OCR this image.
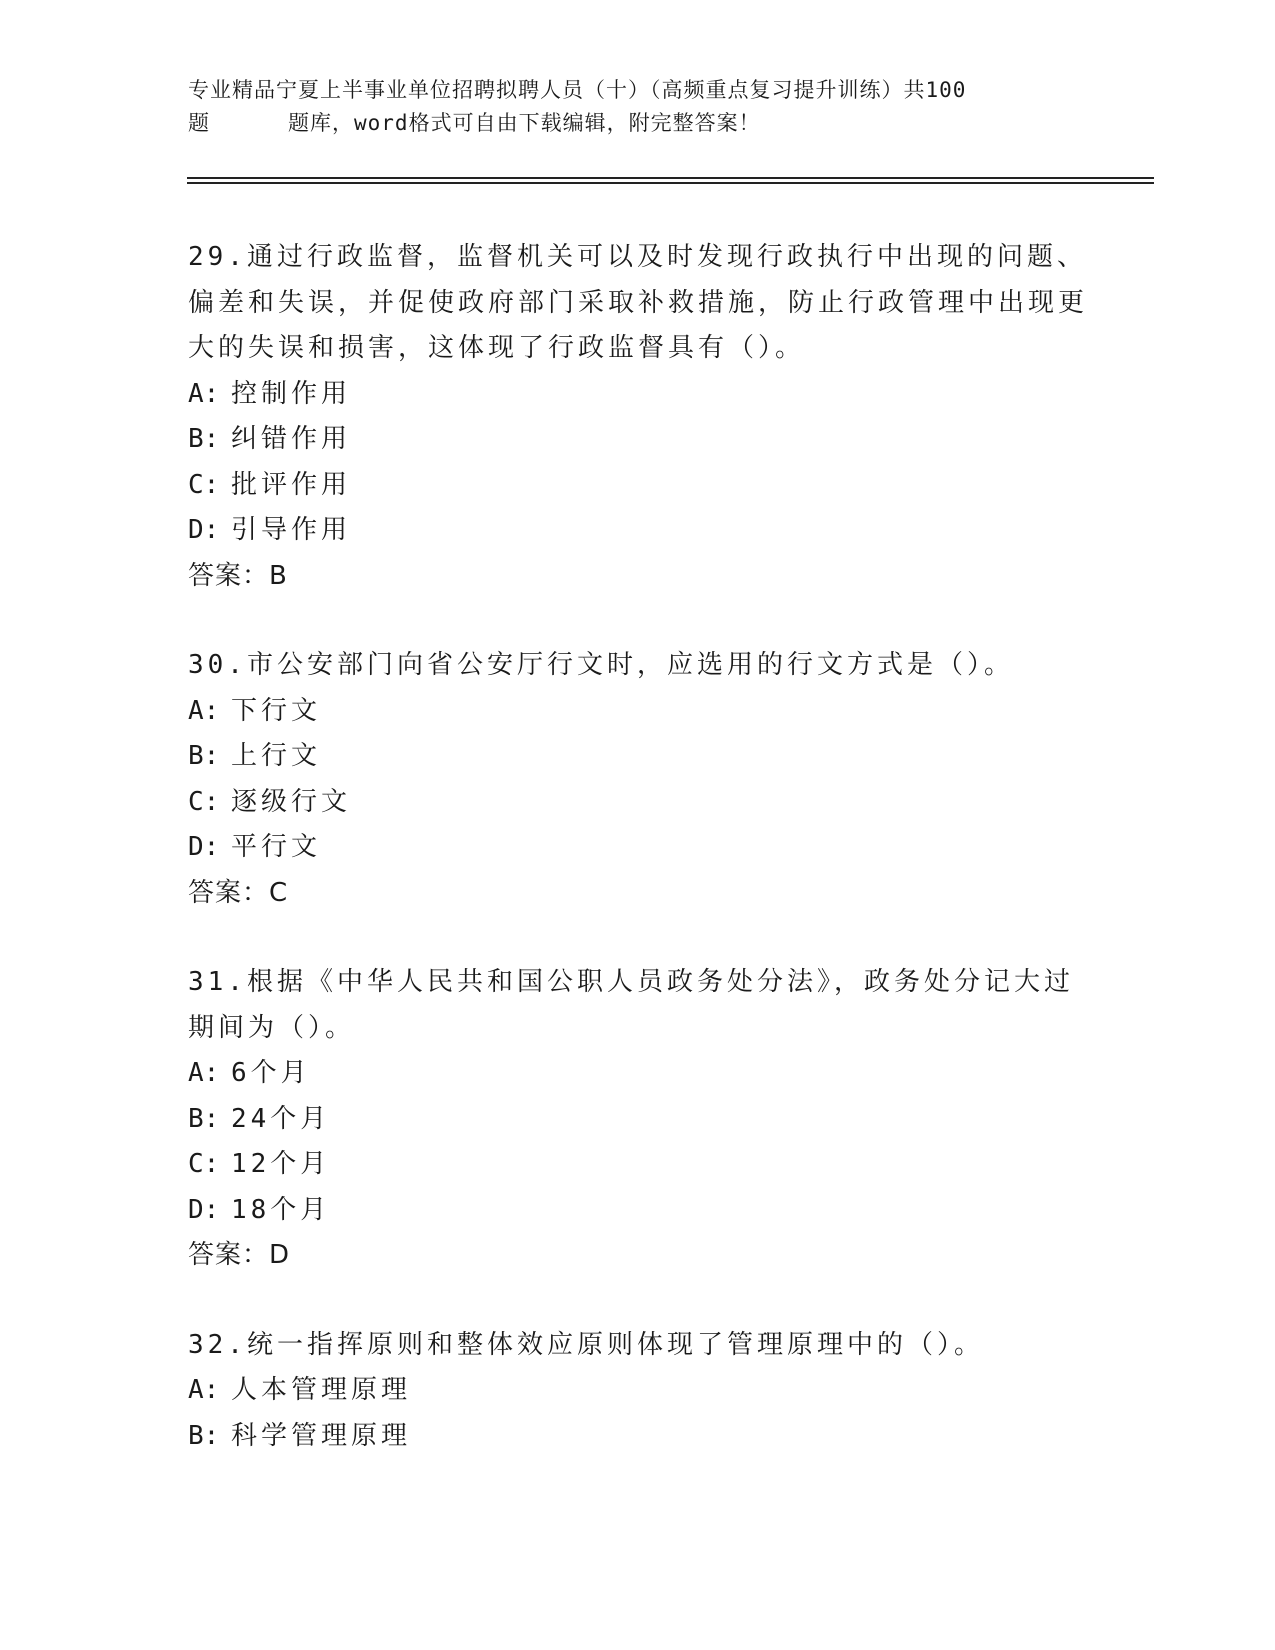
专业精品宁夏上半事业单位招聘拟聘人员（十）（高频重点复习提升训练）共100
题	题库，word格式可自由下载编辑，附完整答案！

29.通过行政监督，监督机关可以及时发现行政执行中出现的问题、偏差和失误，并促使政府部门采取补救措施，防止行政管理中出现更大的失误和损害，这体现了行政监督具有（）。

A: 控制作用
B: 纠错作用
C: 批评作用
D: 引导作用
答案：B

30.市公安部门向省公安厅行文时，应选用的行文方式是（）。

A: 下行文
B: 上行文
C: 逐级行文
D: 平行文
答案：C

31.根据《中华人民共和国公职人员政务处分法》，政务处分记大过期间为（）。

A: 6个月
B: 24个月
C: 12个月
D: 18个月
答案：D

32.统一指挥原则和整体效应原则体现了管理原理中的（）。

A: 人本管理原理
B: 科学管理原理
